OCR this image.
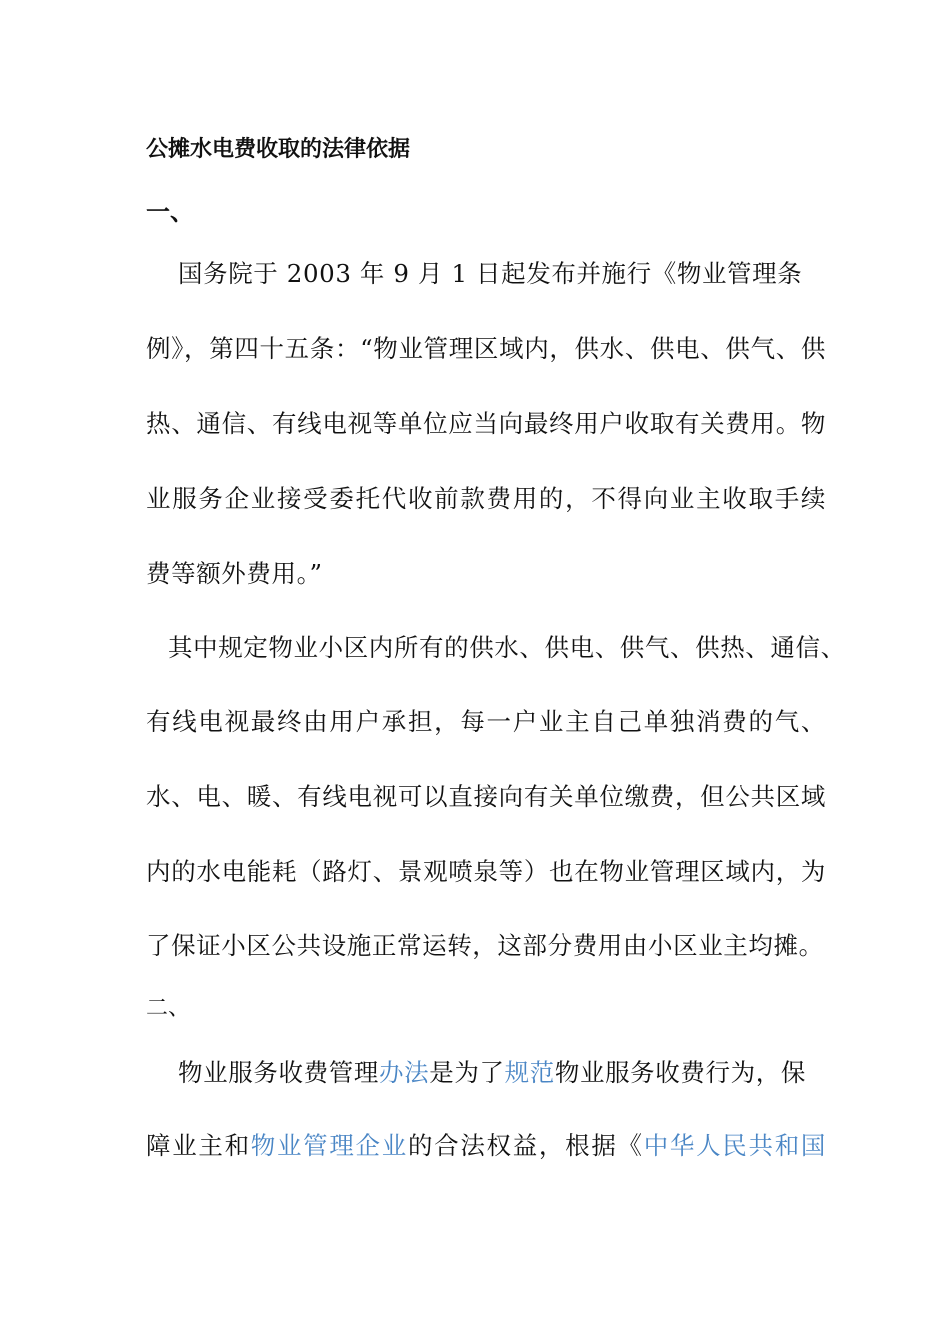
公摊水电费收取的法律依据
一、
国务院于 2003 年 9 月 1 日起发布并施行《物业管理条
例》，第四十五条：“物业管理区域内，供水、供电、供气、供
热、通信、有线电视等单位应当向最终用户收取有关费用。物
业服务企业接受委托代收前款费用的，不得向业主收取手续
费等额外费用。”
其中规定物业小区内所有的供水、供电、供气、供热、通信、
有线电视最终由用户承担，每一户业主自己单独消费的气、
水、电、暖、有线电视可以直接向有关单位缴费，但公共区域
内的水电能耗（路灯、景观喷泉等）也在物业管理区域内，为
了保证小区公共设施正常运转，这部分费用由小区业主均摊。
二、
物业服务收费管理办法是为了规范物业服务收费行为，保
障业主和物业管理企业的合法权益，根据《中华人民共和国
